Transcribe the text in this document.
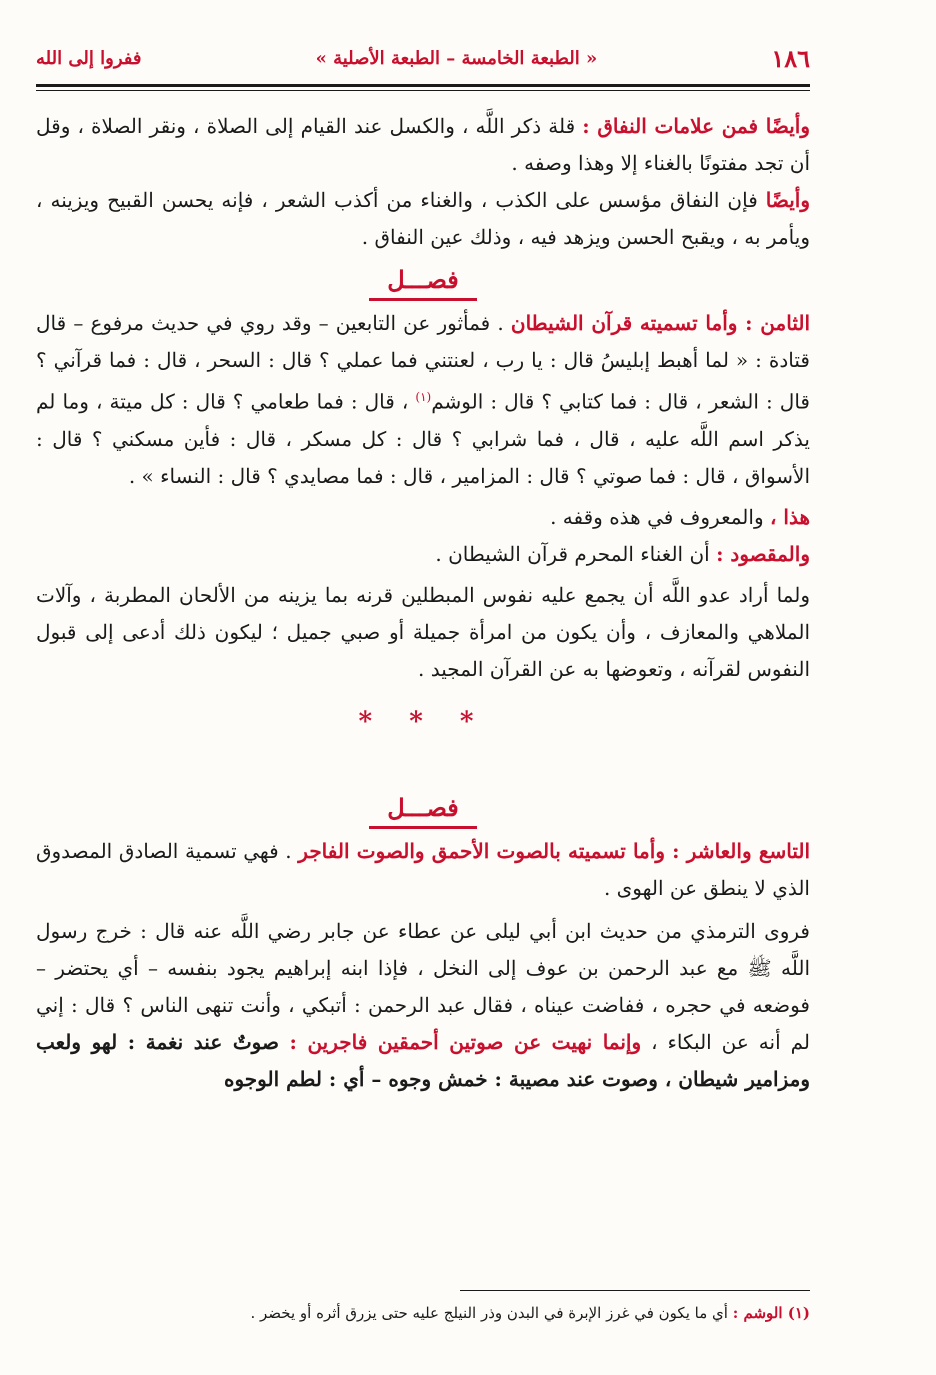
١٨٦
« الطبعة الخامسة – الطبعة الأصلية »
ففروا إلى الله

وأيضًا فمن علامات النفاق : قلة ذكر اللَّه ، والكسل عند القيام إلى الصلاة ، ونقر الصلاة ، وقل أن تجد مفتونًا بالغناء إلا وهذا وصفه .

وأيضًا فإن النفاق مؤسس على الكذب ، والغناء من أكذب الشعر ، فإنه يحسن القبيح ويزينه ، ويأمر به ، ويقبح الحسن ويزهد فيه ، وذلك عين النفاق .

فصـــل

الثامن : وأما تسميته قرآن الشيطان . فمأثور عن التابعين – وقد روي في حديث مرفوع – قال قتادة : « لما أهبط إبليسُ قال : يا رب ، لعنتني فما عملي ؟ قال : السحر ، قال : فما قرآني ؟ قال : الشعر ، قال : فما كتابي ؟ قال : الوشم$^{(١)}$ ، قال : فما طعامي ؟ قال : كل ميتة ، وما لم يذكر اسم اللَّه عليه ، قال ، فما شرابي ؟ قال : كل مسكر ، قال : فأين مسكني ؟ قال : الأسواق ، قال : فما صوتي ؟ قال : المزامير ، قال : فما مصايدي ؟ قال : النساء » .

هذا ، والمعروف في هذه وقفه .

والمقصود : أن الغناء المحرم قرآن الشيطان .

ولما أراد عدو اللَّه أن يجمع عليه نفوس المبطلين قرنه بما يزينه من الألحان المطربة ، وآلات الملاهي والمعازف ، وأن يكون من امرأة جميلة أو صبي جميل ؛ ليكون ذلك أدعى إلى قبول النفوس لقرآنه ، وتعوضها به عن القرآن المجيد .

* * *

فصـــل

التاسع والعاشر : وأما تسميته بالصوت الأحمق والصوت الفاجر . فهي تسمية الصادق المصدوق الذي لا ينطق عن الهوى .

فروى الترمذي من حديث ابن أبي ليلى عن عطاء عن جابر رضي اللَّه عنه قال : خرج رسول اللَّه ﷺ مع عبد الرحمن بن عوف إلى النخل ، فإذا ابنه إبراهيم يجود بنفسه – أي يحتضر – فوضعه في حجره ، ففاضت عيناه ، فقال عبد الرحمن : أتبكي ، وأنت تنهى الناس ؟ قال : إني لم أنه عن البكاء ، وإنما نهيت عن صوتين أحمقين فاجرين : صوتٌ عند نغمة : لهو ولعب ومزامير شيطان ، وصوت عند مصيبة : خمش وجوه – أي : لطم الوجوه

(١) الوشم : أي ما يكون في غرز الإبرة في البدن وذر النيلج عليه حتى يزرق أثره أو يخضر .
